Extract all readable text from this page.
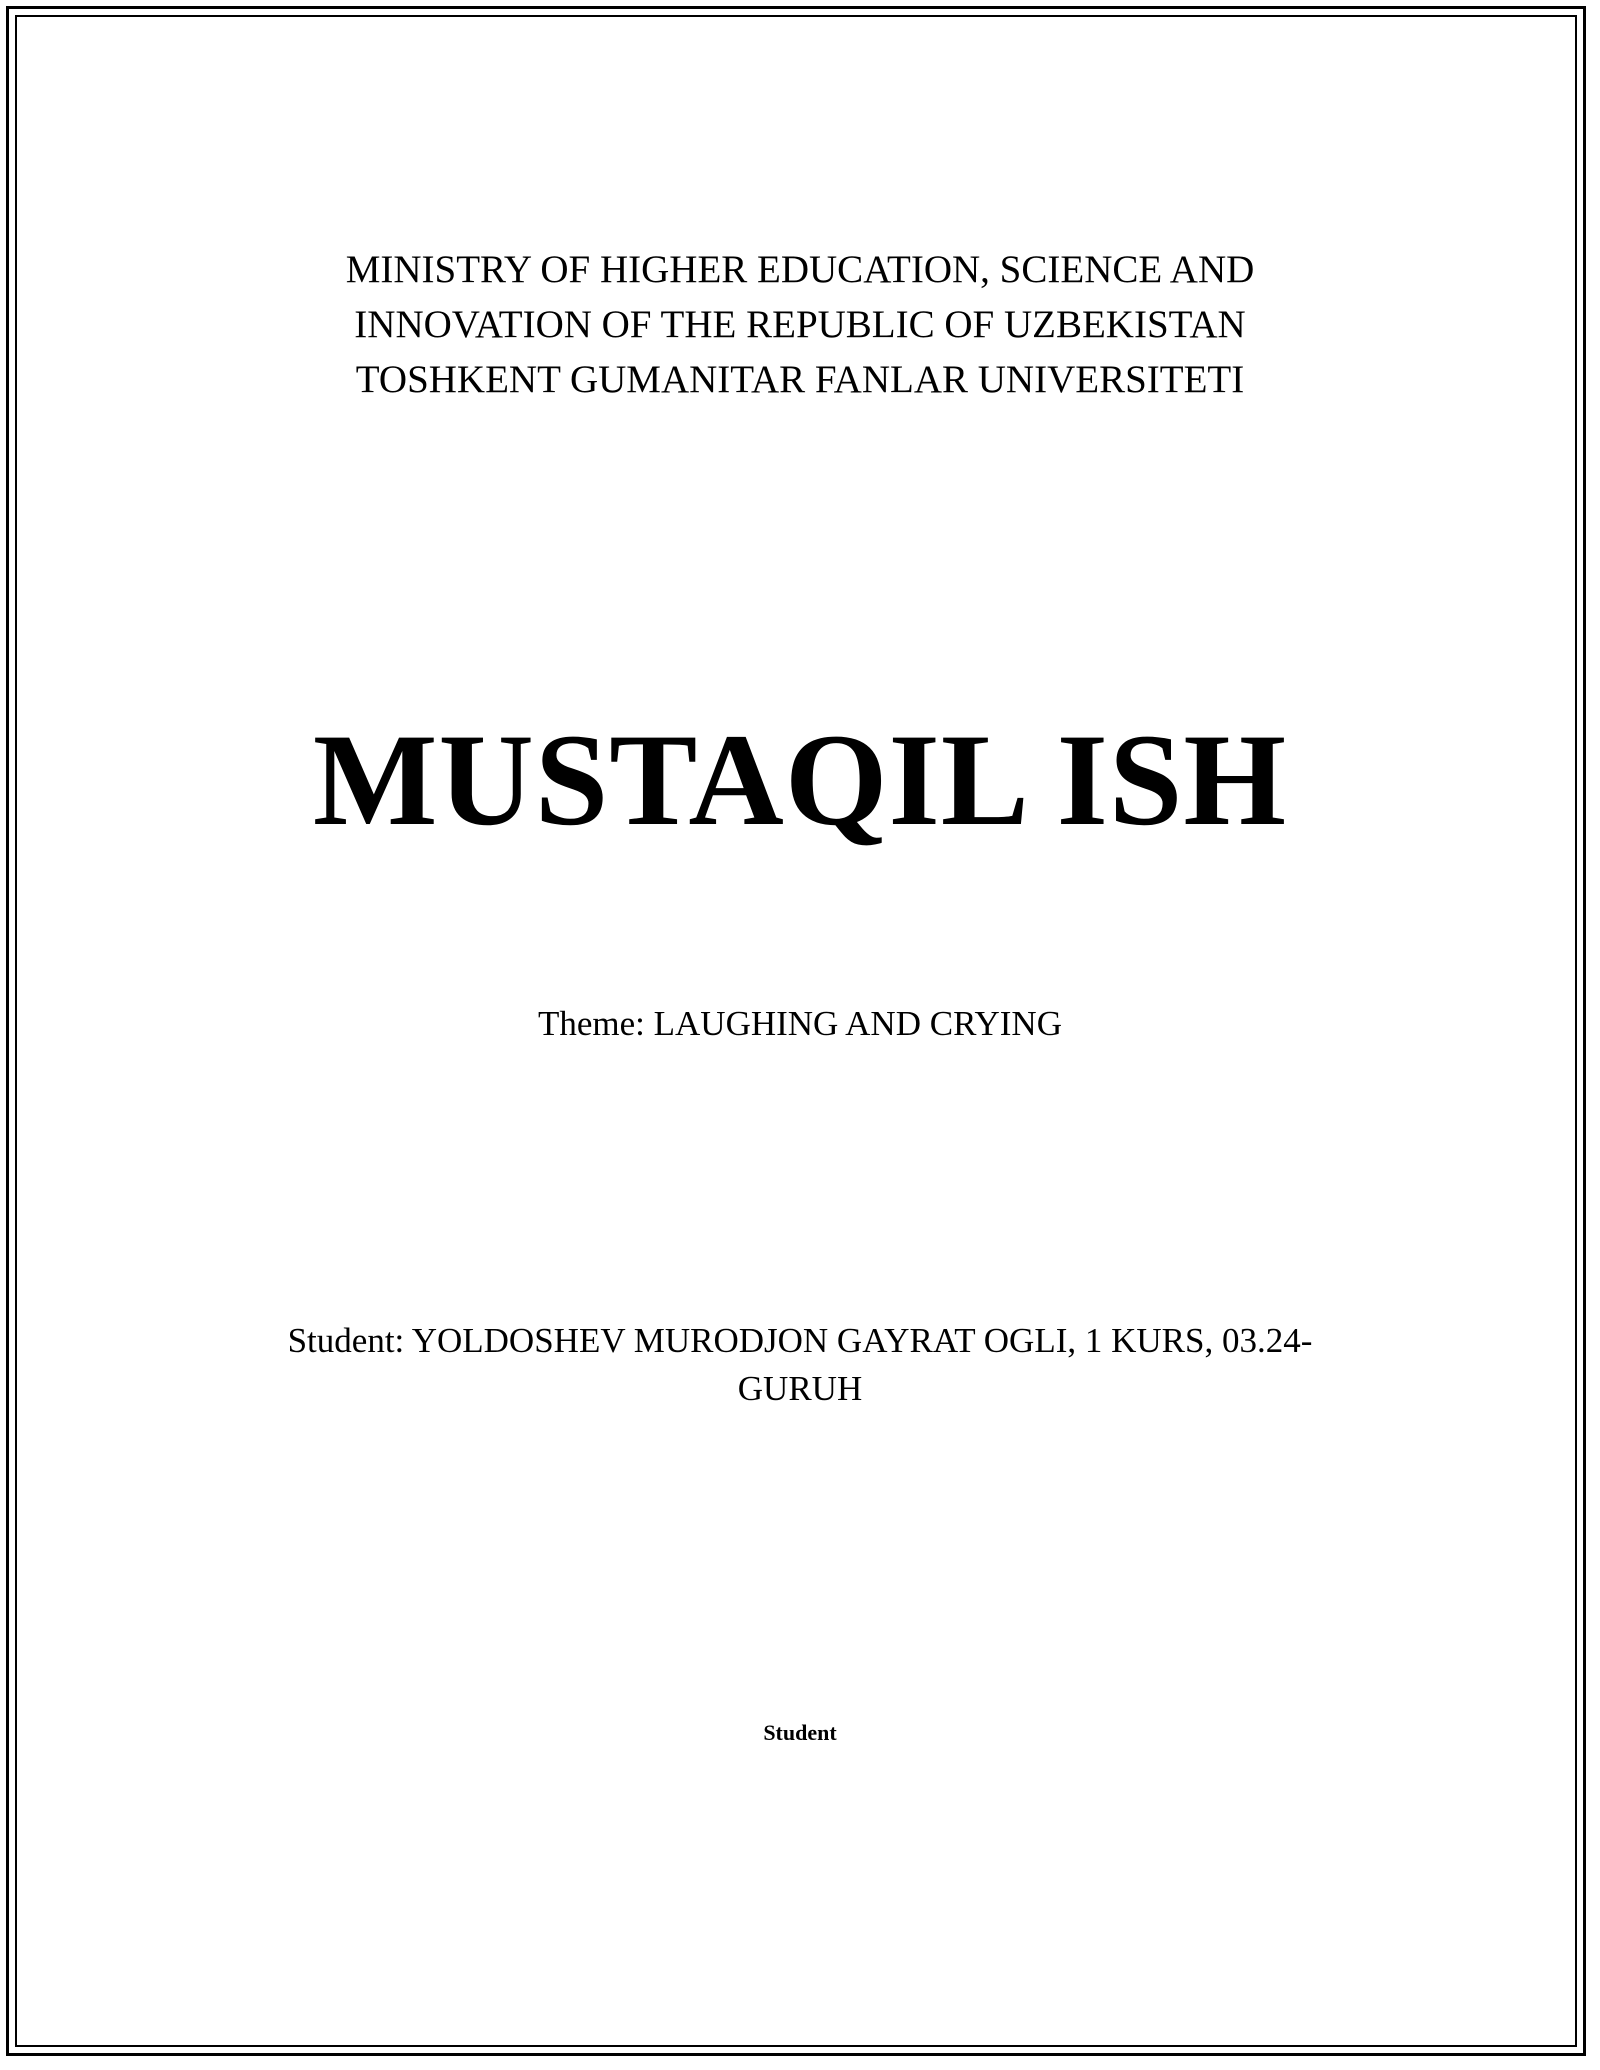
MINISTRY OF HIGHER EDUCATION, SCIENCE AND
INNOVATION OF THE REPUBLIC OF UZBEKISTAN
TOSHKENT GUMANITAR FANLAR UNIVERSITETI
MUSTAQIL ISH
Theme: LAUGHING AND CRYING
Student: YOLDOSHEV MURODJON GAYRAT OGLI, 1 KURS, 03.24-
GURUH
Student
